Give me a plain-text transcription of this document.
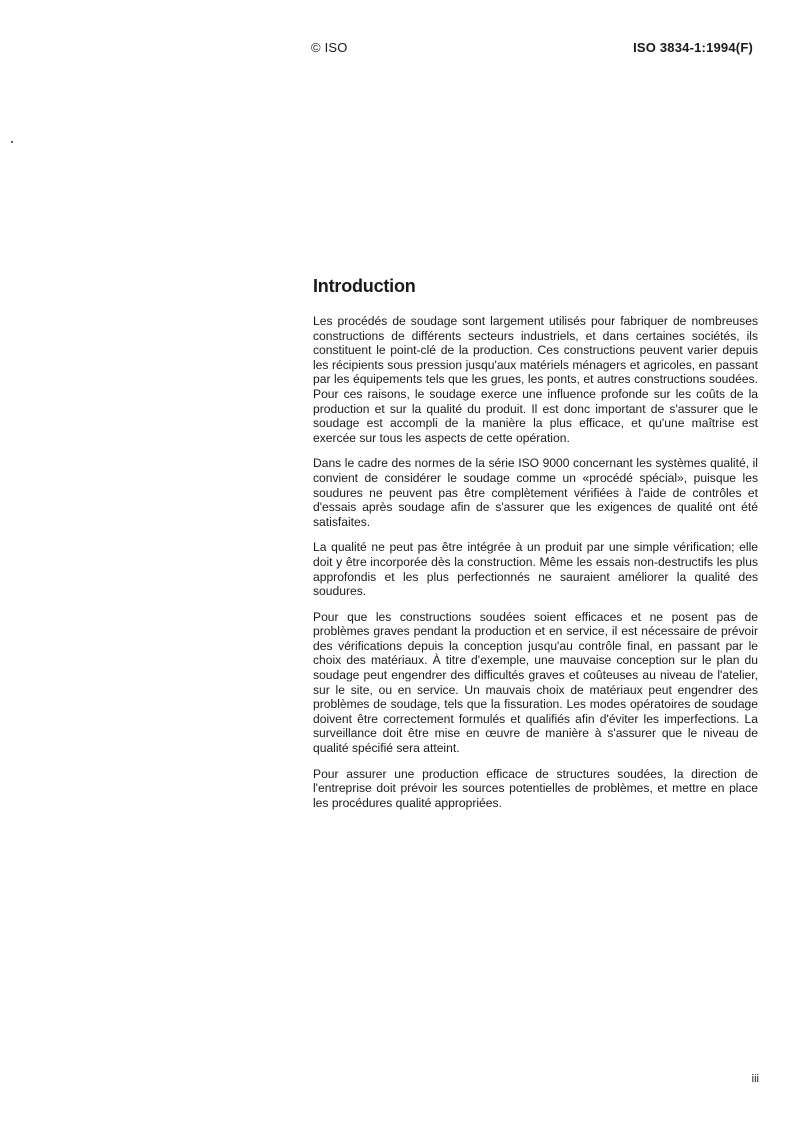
© ISO	ISO 3834-1:1994(F)
Introduction

Les procédés de soudage sont largement utilisés pour fabriquer de nombreuses constructions de différents secteurs industriels, et dans certaines sociétés, ils constituent le point-clé de la production. Ces constructions peuvent varier depuis les récipients sous pression jusqu'aux matériels ménagers et agricoles, en passant par les équipements tels que les grues, les ponts, et autres constructions soudées. Pour ces raisons, le soudage exerce une influence profonde sur les coûts de la production et sur la qualité du produit. Il est donc important de s'assurer que le soudage est accompli de la manière la plus efficace, et qu'une maîtrise est exercée sur tous les aspects de cette opération.

Dans le cadre des normes de la série ISO 9000 concernant les systèmes qualité, il convient de considérer le soudage comme un «procédé spécial», puisque les soudures ne peuvent pas être complètement vérifiées à l'aide de contrôles et d'essais après soudage afin de s'assurer que les exigences de qualité ont été satisfaites.

La qualité ne peut pas être intégrée à un produit par une simple vérification; elle doit y être incorporée dès la construction. Même les essais non-destructifs les plus approfondis et les plus perfectionnés ne sauraient améliorer la qualité des soudures.

Pour que les constructions soudées soient efficaces et ne posent pas de problèmes graves pendant la production et en service, il est nécessaire de prévoir des vérifications depuis la conception jusqu'au contrôle final, en passant par le choix des matériaux. À titre d'exemple, une mauvaise conception sur le plan du soudage peut engendrer des difficultés graves et coûteuses au niveau de l'atelier, sur le site, ou en service. Un mauvais choix de matériaux peut engendrer des problèmes de soudage, tels que la fissuration. Les modes opératoires de soudage doivent être correctement formulés et qualifiés afin d'éviter les imperfections. La surveillance doit être mise en œuvre de manière à s'assurer que le niveau de qualité spécifié sera atteint.

Pour assurer une production efficace de structures soudées, la direction de l'entreprise doit prévoir les sources potentielles de problèmes, et mettre en place les procédures qualité appropriées.

iii
